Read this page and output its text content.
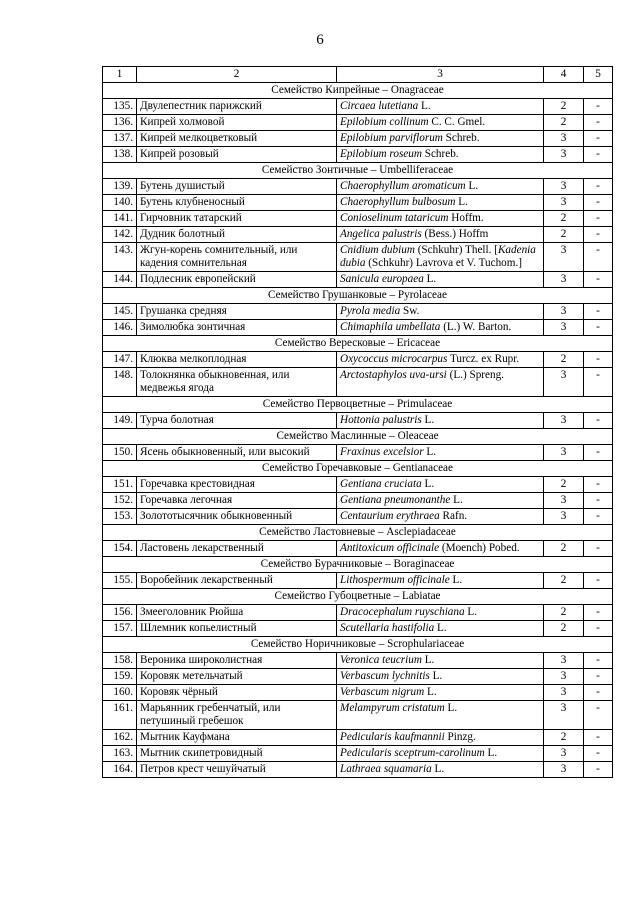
6
1	2	3	4	5
Семейство Кипрейные – Onagraceae				
135.	Двулепестник парижский	Circaea lutetiana L.	2	-
136.	Кипрей холмовой	Epilobium collinum C. C. Gmel.	2	-
137.	Кипрей мелкоцветковый	Epilobium parviflorum Schreb.	3	-
138.	Кипрей розовый	Epilobium roseum Schreb.	3	-
Семейство Зонтичные – Umbelliferaceae				
139.	Бутень душистый	Chaerophyllum aromaticum L.	3	-
140.	Бутень клубненосный	Chaerophyllum bulbosum L.	3	-
141.	Гирчовник татарский	Conioselinum tataricum Hoffm.	2	-
142.	Дудник болотный	Angelica palustris (Bess.) Hoffm	2	-
143.	Жгун-корень сомнительный, или кадения сомнительная	Cnidium dubium (Schkuhr) Thell. [Kadenia dubia (Schkuhr) Lavrova et V. Tuchom.]	3	-
144.	Подлесник европейский	Sanicula europaea L.	3	-
Семейство Грушанковые – Pyrolaceae				
145.	Грушанка средняя	Pyrola media Sw.	3	-
146.	Зимолюбка зонтичная	Chimaphila umbellata (L.) W. Barton.	3	-
Семейство Вересковые – Ericaceae				
147.	Клюква мелкоплодная	Oxycoccus microcarpus Turcz. ex Rupr.	2	-
148.	Толокнянка обыкновенная, или медвежья ягода	Arctostaphylos uva-ursi (L.) Spreng.	3	-
Семейство Первоцветные – Primulaceae				
149.	Турча болотная	Hottonia palustris L.	3	-
Семейство Маслинные – Oleaceae				
150.	Ясень обыкновенный, или высокий	Fraxinus excelsior L.	3	-
Семейство Горечавковые – Gentianaceae				
151.	Горечавка крестовидная	Gentiana cruciata L.	2	-
152.	Горечавка легочная	Gentiana pneumonanthe L.	3	-
153.	Золототысячник обыкновенный	Centaurium erythraea Rafn.	3	-
Семейство Ластовневые – Asclepiadaceae				
154.	Ластовень лекарственный	Antitoxicum officinale (Moench) Pobed.	2	-
Семейство Бурачниковые – Boraginaceae				
155.	Воробейник лекарственный	Lithospermum officinale L.	2	-
Семейство Губоцветные – Labiatae				
156.	Змееголовник Рюйша	Dracocephalum ruyschiana L.	2	-
157.	Шлемник копьелистный	Scutellaria hastifolia L.	2	-
Семейство Норичниковые – Scrophulariaceae				
158.	Вероника широколистная	Veronica teucrium L.	3	-
159.	Коровяк метельчатый	Verbascum lychnitis L.	3	-
160.	Коровяк чёрный	Verbascum nigrum L.	3	-
161.	Марьянник гребенчатый, или петушиный гребешок	Melampyrum cristatum L.	3	-
162.	Мытник Кауфмана	Pedicularis kaufmannii Pinzg.	2	-
163.	Мытник скипетровидный	Pedicularis sceptrum-carolinum L.	3	-
164.	Петров крест чешуйчатый	Lathraea squamaria L.	3	-
